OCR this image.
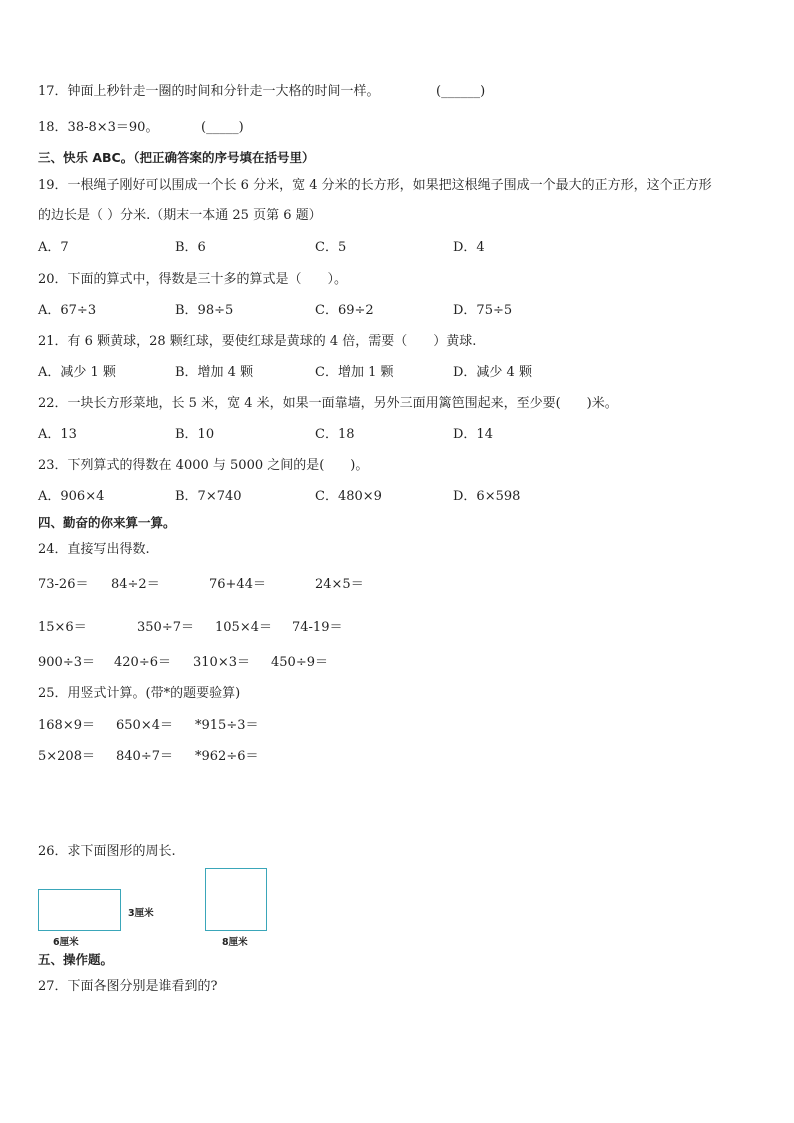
17．钟面上秒针走一圈的时间和分针走一大格的时间一样。	(______)
18．38-8×3＝90。	(_____)
三、快乐 ABC。（把正确答案的序号填在括号里）
19．一根绳子刚好可以围成一个长 6 分米，宽 4 分米的长方形，如果把这根绳子围成一个最大的正方形，这个正方形
的边长是（ ）分米.（期末一本通 25 页第 6 题）
A．7	B．6	C．5	D．4
20．下面的算式中，得数是三十多的算式是（　　）。
A．67÷3	B．98÷5	C．69÷2	D．75÷5
21．有 6 颗黄球，28 颗红球，要使红球是黄球的 4 倍，需要（　　）黄球.
A．减少 1 颗	B．增加 4 颗	C．增加 1 颗	D．减少 4 颗
22．一块长方形菜地，长 5 米，宽 4 米，如果一面靠墙，另外三面用篱笆围起来，至少要(　　)米。
A．13	B．10	C．18	D．14
23．下列算式的得数在 4000 与 5000 之间的是(　　)。
A．906×4	B．7×740	C．480×9	D．6×598
四、勤奋的你来算一算。
24．直接写出得数.
73-26＝ 84÷2＝	76+44＝	24×5＝
15×6＝	350÷7＝ 105×4＝ 74-19＝
900÷3＝ 420÷6＝ 310×3＝ 450÷9＝
25．用竖式计算。(带*的题要验算)
168×9＝ 650×4＝ *915÷3＝
5×208＝ 840÷7＝ *962÷6＝
26．求下面图形的周长.
3厘米
6厘米	8厘米
五、操作题。
27．下面各图分别是谁看到的?
